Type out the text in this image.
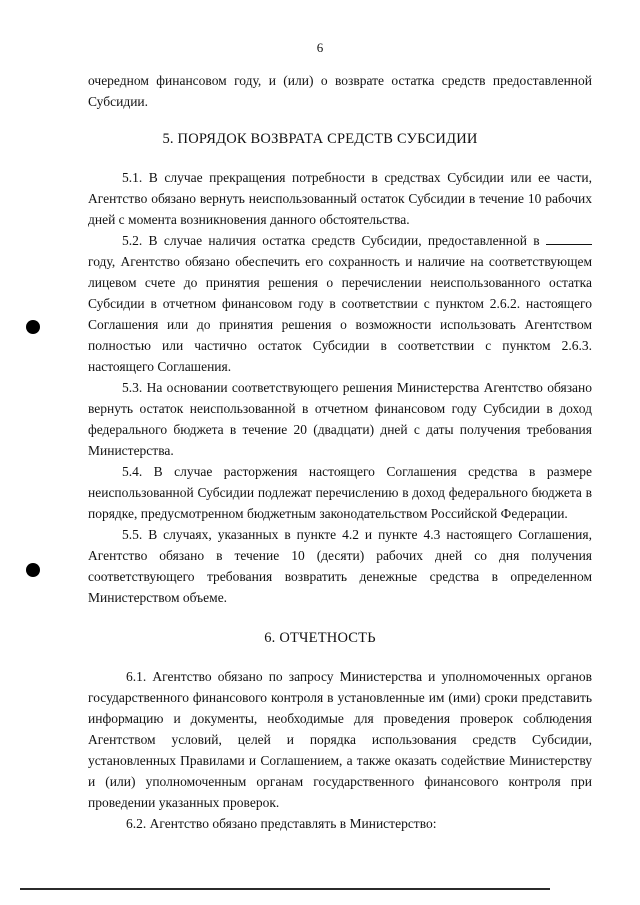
6

очередном финансовом году, и (или) о возврате остатка средств предоставленной Субсидии.

5. ПОРЯДОК ВОЗВРАТА СРЕДСТВ СУБСИДИИ

5.1. В случае прекращения потребности в средствах Субсидии или ее части, Агентство обязано вернуть неиспользованный остаток Субсидии в течение 10 рабочих дней с момента возникновения данного обстоятельства.

5.2. В случае наличия остатка средств Субсидии, предоставленной в  году, Агентство обязано обеспечить его сохранность и наличие на соответствующем лицевом счете до принятия решения о перечислении неиспользованного остатка Субсидии в отчетном финансовом году в соответствии с пунктом 2.6.2. настоящего Соглашения или до принятия решения о возможности использовать Агентством полностью или частично остаток Субсидии в соответствии с пунктом 2.6.3. настоящего Соглашения.

5.3. На основании соответствующего решения Министерства Агентство обязано вернуть остаток неиспользованной в отчетном финансовом году Субсидии в доход федерального бюджета в течение 20 (двадцати) дней с даты получения требования Министерства.

5.4. В случае расторжения настоящего Соглашения средства в размере неиспользованной Субсидии подлежат перечислению в доход федерального бюджета в порядке, предусмотренном бюджетным законодательством Российской Федерации.

5.5. В случаях, указанных в пункте 4.2 и пункте 4.3 настоящего Соглашения, Агентство обязано в течение 10 (десяти) рабочих дней со дня получения соответствующего требования возвратить денежные средства в определенном Министерством объеме.

6. ОТЧЕТНОСТЬ

6.1. Агентство обязано по запросу Министерства и уполномоченных органов государственного финансового контроля в установленные им (ими) сроки представить информацию и документы, необходимые для проведения проверок соблюдения Агентством условий, целей и порядка использования средств Субсидии, установленных Правилами и Соглашением, а также оказать содействие Министерству и (или) уполномоченным органам государственного финансового контроля при проведении указанных проверок.

6.2. Агентство обязано представлять в Министерство:
